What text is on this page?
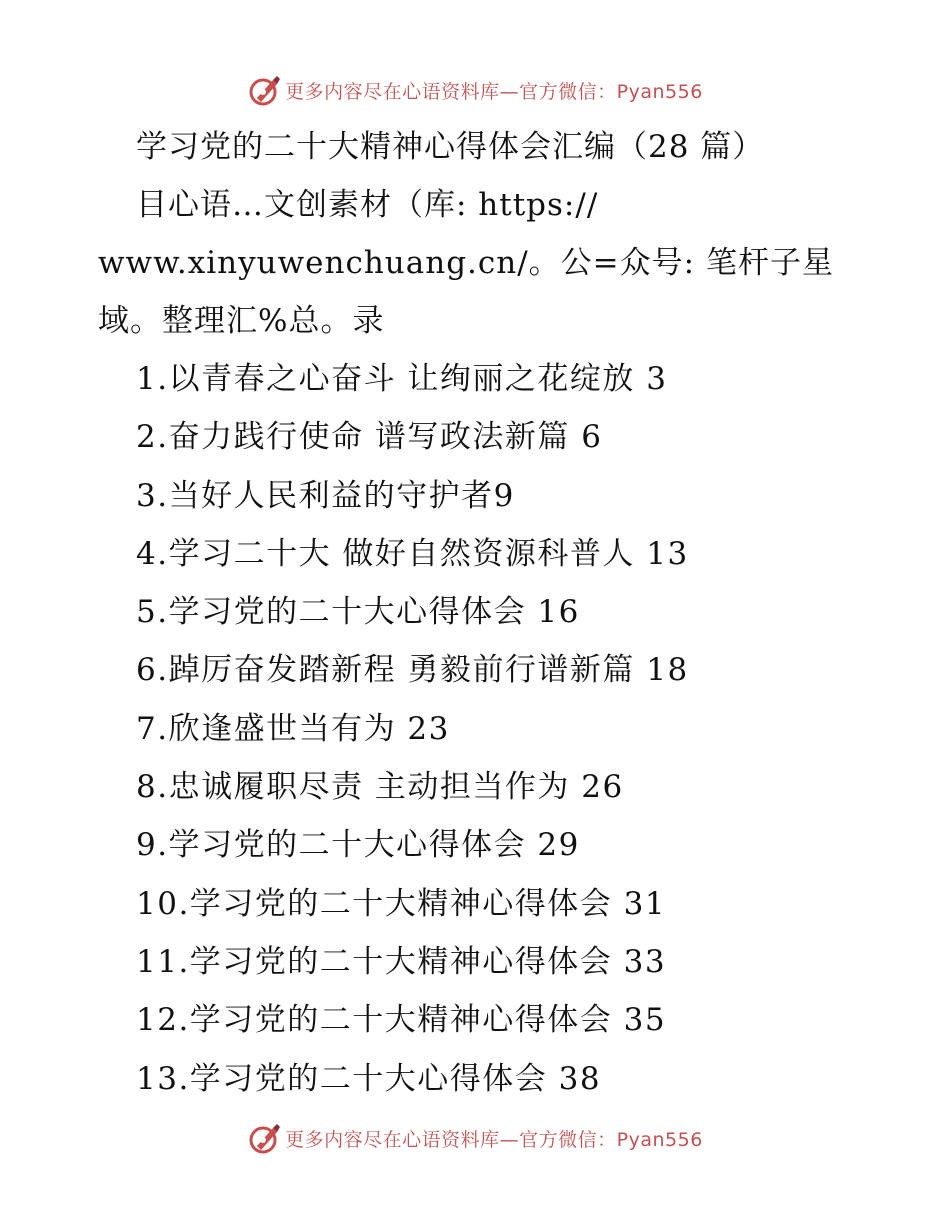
更多内容尽在心语资料库—官方微信：Pyan556
学习党的二十大精神心得体会汇编（28 篇）

目心语…文创素材（库: https://
www.xinyuwenchuang.cn/。公=众号: 笔杆子星
域。整理汇%总。录

1.以青春之心奋斗 让绚丽之花绽放 3
2.奋力践行使命 谱写政法新篇 6
3.当好人民利益的守护者9
4.学习二十大 做好自然资源科普人 13
5.学习党的二十大心得体会 16
6.踔厉奋发踏新程 勇毅前行谱新篇 18
7.欣逢盛世当有为 23
8.忠诚履职尽责 主动担当作为 26
9.学习党的二十大心得体会 29
10.学习党的二十大精神心得体会 31
11.学习党的二十大精神心得体会 33
12.学习党的二十大精神心得体会 35
13.学习党的二十大心得体会 38
更多内容尽在心语资料库—官方微信：Pyan556
